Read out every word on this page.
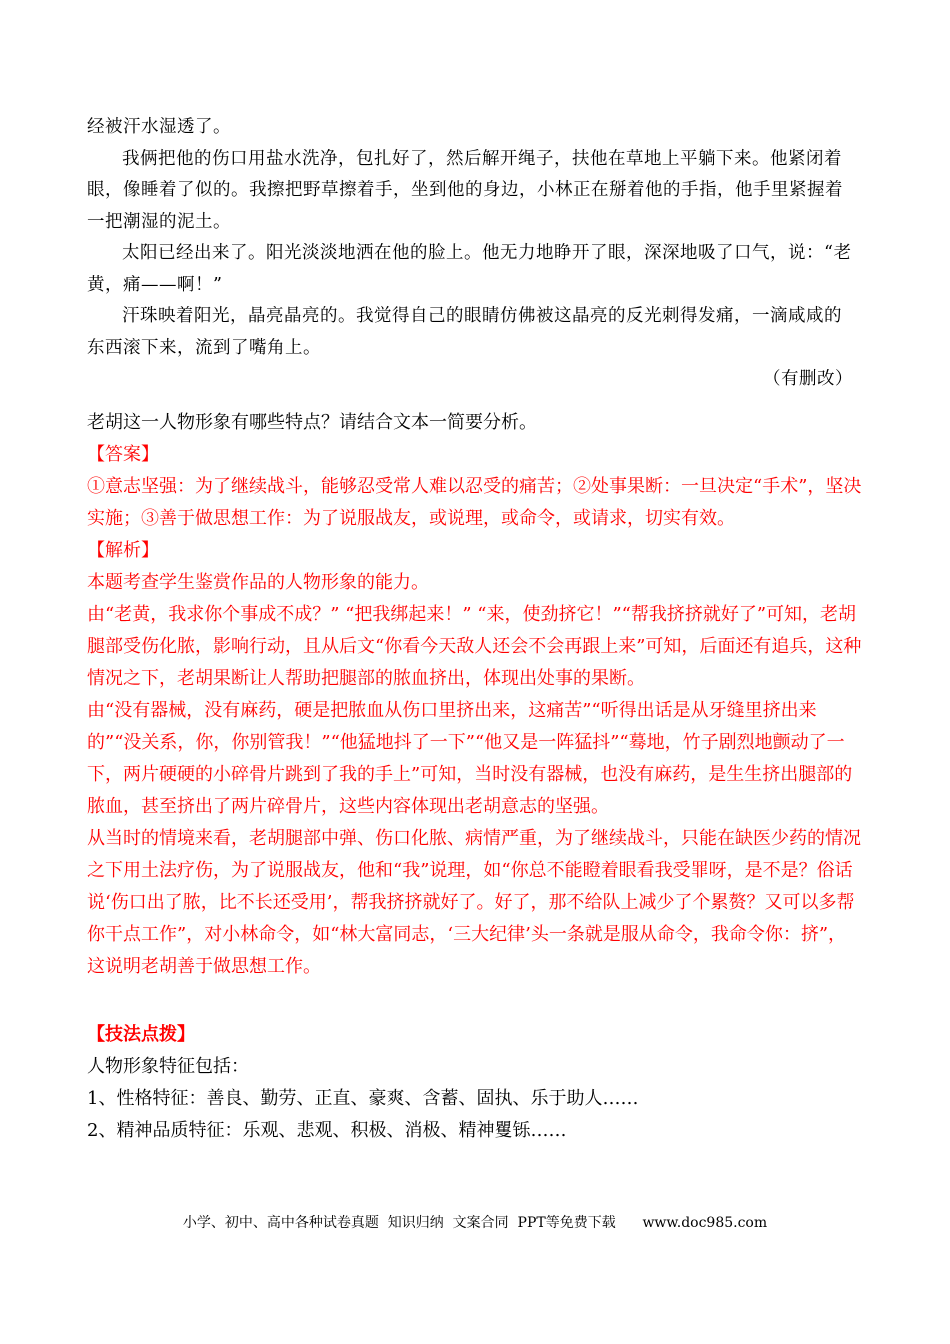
经被汗水湿透了。

我俩把他的伤口用盐水洗净，包扎好了，然后解开绳子，扶他在草地上平躺下来。他紧闭着眼，像睡着了似的。我擦把野草擦着手，坐到他的身边，小林正在掰着他的手指，他手里紧握着一把潮湿的泥土。

太阳已经出来了。阳光淡淡地洒在他的脸上。他无力地睁开了眼，深深地吸了口气，说：“老黄，痛——啊！”

汗珠映着阳光，晶亮晶亮的。我觉得自己的眼睛仿佛被这晶亮的反光刺得发痛，一滴咸咸的东西滚下来，流到了嘴角上。

（有删改）

老胡这一人物形象有哪些特点？请结合文本一简要分析。

【答案】

①意志坚强：为了继续战斗，能够忍受常人难以忍受的痛苦；②处事果断：一旦决定“手术”，坚决实施；③善于做思想工作：为了说服战友，或说理，或命令，或请求，切实有效。

【解析】

本题考查学生鉴赏作品的人物形象的能力。

由“老黄，我求你个事成不成？” “把我绑起来！” “来，使劲挤它！”“帮我挤挤就好了”可知，老胡腿部受伤化脓，影响行动，且从后文“你看今天敌人还会不会再跟上来”可知，后面还有追兵，这种情况之下，老胡果断让人帮助把腿部的脓血挤出，体现出处事的果断。

由“没有器械，没有麻药，硬是把脓血从伤口里挤出来，这痛苦”“听得出话是从牙缝里挤出来的”“没关系，你，你别管我！”“他猛地抖了一下”“他又是一阵猛抖”“蓦地，竹子剧烈地颤动了一下，两片硬硬的小碎骨片跳到了我的手上”可知，当时没有器械，也没有麻药，是生生挤出腿部的脓血，甚至挤出了两片碎骨片，这些内容体现出老胡意志的坚强。

从当时的情境来看，老胡腿部中弹、伤口化脓、病情严重，为了继续战斗，只能在缺医少药的情况之下用土法疗伤，为了说服战友，他和“我”说理，如“你总不能瞪着眼看我受罪呀，是不是？俗话说‘伤口出了脓，比不长还受用’，帮我挤挤就好了。好了，那不给队上减少了个累赘？又可以多帮你干点工作”，对小林命令，如“林大富同志，‘三大纪律’头一条就是服从命令，我命令你：挤”，这说明老胡善于做思想工作。

【技法点拨】

人物形象特征包括：

1、性格特征：善良、勤劳、正直、豪爽、含蓄、固执、乐于助人……

2、精神品质特征：乐观、悲观、积极、消极、精神矍铄……

小学、初中、高中各种试卷真题  知识归纳  文案合同  PPT等免费下载 www.doc985.com
